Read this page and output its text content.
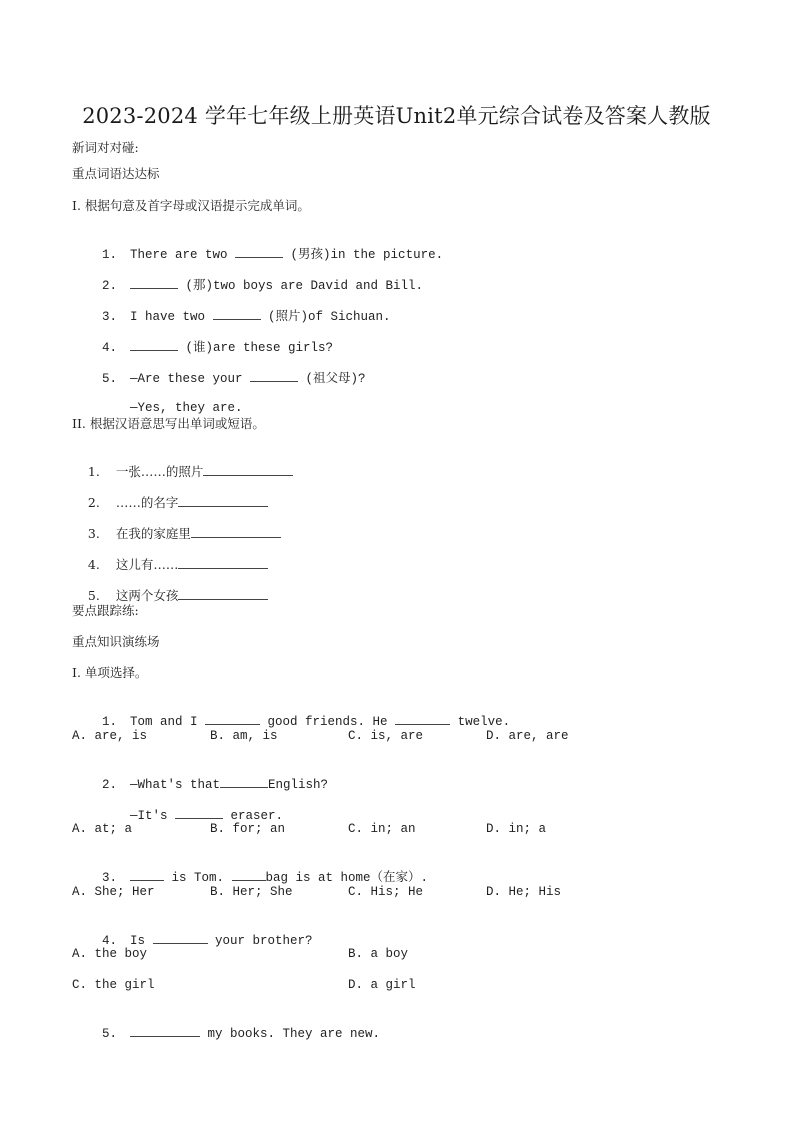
2023-2024 学年七年级上册英语Unit2单元综合试卷及答案人教版
新词对对碰:
重点词语达达标
I. 根据句意及首字母或汉语提示完成单词。

1. There are two	(男孩)in the picture.

2.	(那)two boys are David and Bill.

3. I have two	(照片)of Sichuan.

4.	(谁)are these girls?

5. —Are these your	(祖父母)?

—Yes, they are.

II. 根据汉语意思写出单词或短语。

1. 一张……的照片

2. ……的名字

3. 在我的家庭里

4. 这儿有……

5. 这两个女孩

要点跟踪练:
重点知识演练场
I. 单项选择。

1. Tom and I	good friends. He	twelve.

A. are, is	B. am, is	C. is, are	D. are, are

2. —What's that	English?

—It's	eraser.

A. at; a	B. for; an	C. in; an	D. in; a

3.	is Tom.	bag is at home（在家）.

A. She; Her	B. Her; She	C. His; He	D. He; His

4. Is	your brother?

A. the boy	B. a boy
C. the girl	D. a girl

5.	my books. They are new.
